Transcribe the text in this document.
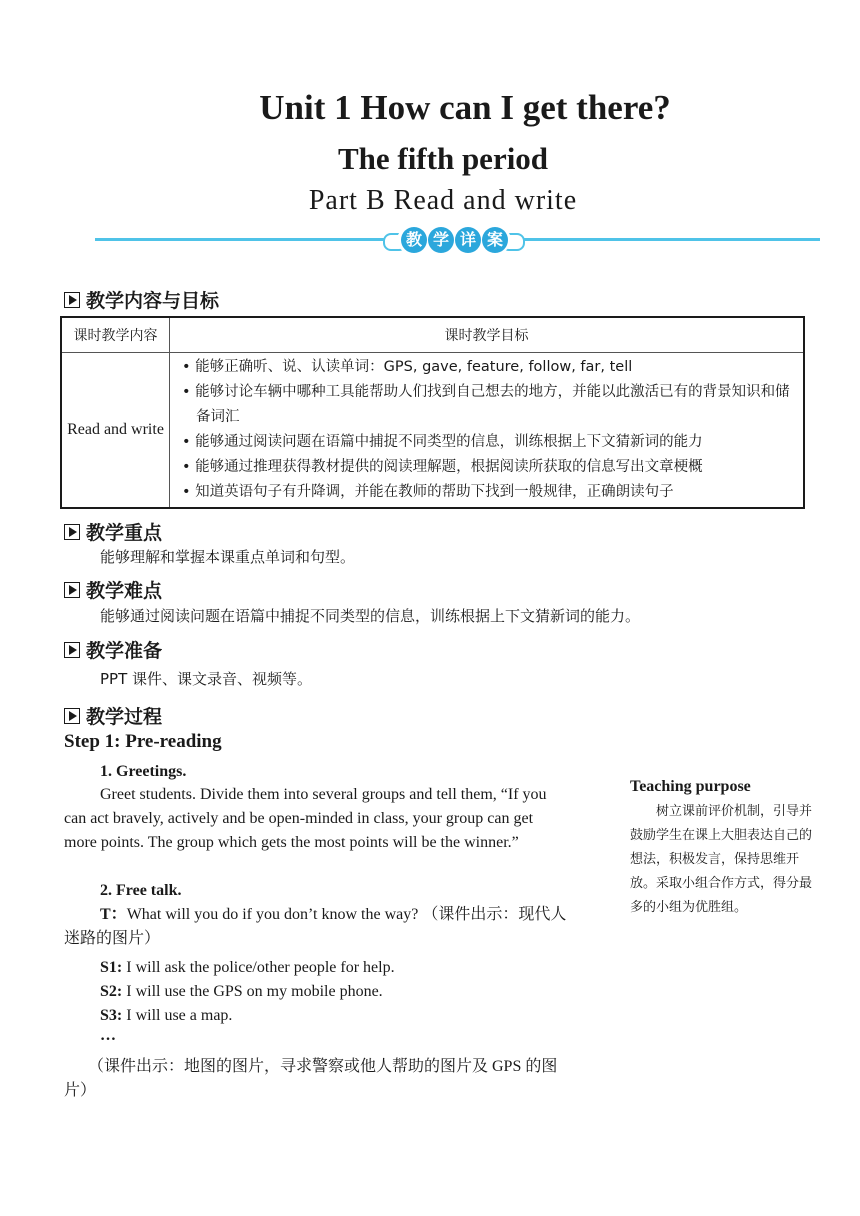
Unit 1 How can I get there?
The fifth period
Part B Read and write
教 学 详 案
教学内容与目标
课时教学内容	课时教学目标
Read and write	• 能够正确听、说、认读单词：GPS, gave, feature, follow, far, tell
• 能够讨论车辆中哪种工具能帮助人们找到自己想去的地方，并能以此激活已有的背景知识和储备词汇
• 能够通过阅读问题在语篇中捕捉不同类型的信息，训练根据上下文猜新词的能力
• 能够通过推理获得教材提供的阅读理解题，根据阅读所获取的信息写出文章梗概
• 知道英语句子有升降调，并能在教师的帮助下找到一般规律，正确朗读句子
教学重点
能够理解和掌握本课重点单词和句型。
教学难点
能够通过阅读问题在语篇中捕捉不同类型的信息，训练根据上下文猜新词的能力。
教学准备
PPT 课件、课文录音、视频等。
教学过程
Step 1: Pre-reading
1. Greetings.
Greet students. Divide them into several groups and tell them, “If you can act bravely, actively and be open-minded in class, your group can get more points. The group which gets the most points will be the winner.”
2. Free talk.
T：What will you do if you don’t know the way? （课件出示：现代人迷路的图片）
S1: I will ask the police/other people for help.
S2: I will use the GPS on my mobile phone.
S3: I will use a map.
…
（课件出示：地图的图片，寻求警察或他人帮助的图片及 GPS 的图片）
Teaching purpose
树立课前评价机制，引导并鼓励学生在课上大胆表达自己的想法，积极发言，保持思维开放。采取小组合作方式，得分最多的小组为优胜组。
